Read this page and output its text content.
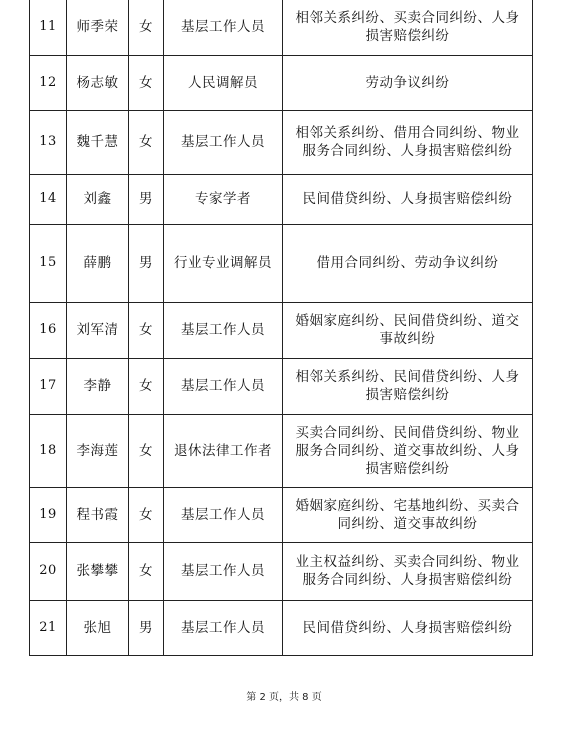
11	师季荣	女	基层工作人员	相邻关系纠纷、买卖合同纠纷、人身损害赔偿纠纷
12	杨志敏	女	人民调解员	劳动争议纠纷
13	魏千慧	女	基层工作人员	相邻关系纠纷、借用合同纠纷、物业服务合同纠纷、人身损害赔偿纠纷
14	刘鑫	男	专家学者	民间借贷纠纷、人身损害赔偿纠纷
15	薛鹏	男	行业专业调解员	借用合同纠纷、劳动争议纠纷
16	刘军清	女	基层工作人员	婚姻家庭纠纷、民间借贷纠纷、道交事故纠纷
17	李静	女	基层工作人员	相邻关系纠纷、民间借贷纠纷、人身损害赔偿纠纷
18	李海莲	女	退休法律工作者	买卖合同纠纷、民间借贷纠纷、物业服务合同纠纷、道交事故纠纷、人身损害赔偿纠纷
19	程书霞	女	基层工作人员	婚姻家庭纠纷、宅基地纠纷、买卖合同纠纷、道交事故纠纷
20	张攀攀	女	基层工作人员	业主权益纠纷、买卖合同纠纷、物业服务合同纠纷、人身损害赔偿纠纷
21	张旭	男	基层工作人员	民间借贷纠纷、人身损害赔偿纠纷
第 2 页，共 8 页
